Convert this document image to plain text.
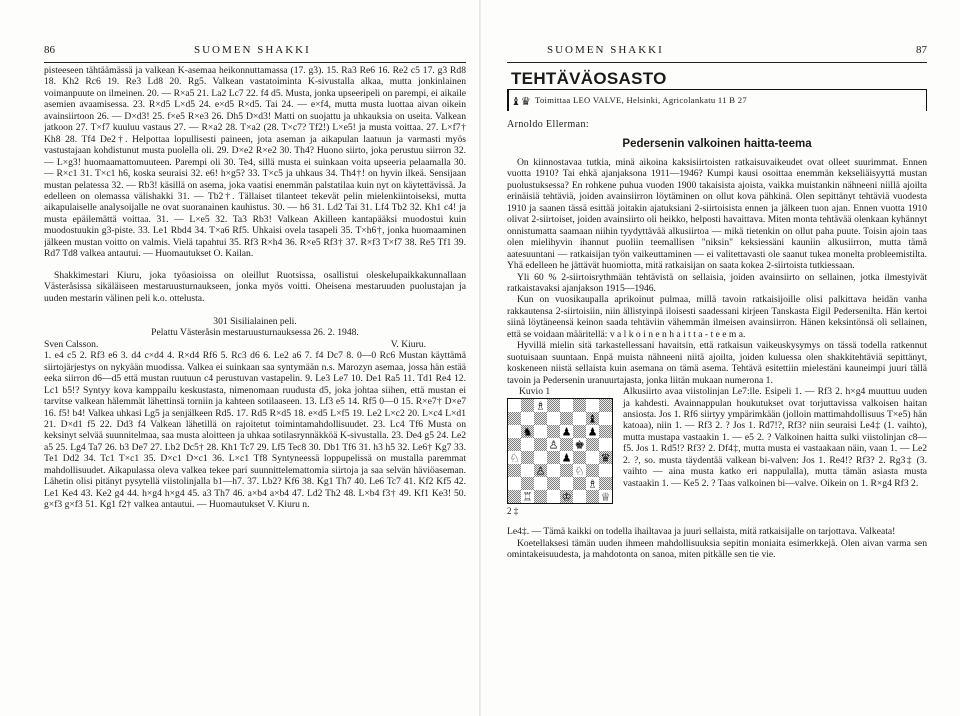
86	SUOMEN SHAKKI

pisteeseen tähtäämässä ja valkean K-asemaa heikonnuttamassa (17. g3). 15. Ra3 Re6 16. Re2 c5 17. g3 Rd8 18. Kh2 Rc6 19. Re3 Ld8 20. Rg5. Valkean vastatoiminta K-sivustalla alkaa, mutta jonkinlainen voimanpuute on ilmeinen. 20. — R×a5 21. La2 Lc7 22. f4 d5. Musta, jonka upseeripeli on parempi, ei aikaile asemien avaamisessa. 23. R×d5 L×d5 24. e×d5 R×d5. Tai 24. — e×f4, mutta musta luottaa aivan oikein avainsiirtoon 26. — D×d3! 25. f×e5 R×e3 26. Dh5 D×d3! Matti on suojattu ja uhkauksia on useita. Valkean jatkoon 27. T×f7 kuuluu vastaus 27. — R×a2 28. T×a2 (28. T×c7? Tf2!) L×e5! ja musta voittaa. 27. L×f7† Kh8 28. Tf4 De2†. Helpottaa lopullisesti paineen, jota aseman ja aikapulan laatuun ja varmasti myös vastustajaan kohdistunut musta puolella oli. 29. D×e2 R×e2 30. Th4? Huono siirto, joka perustuu siirron 32. — L×g3! huomaamattomuuteen. Parempi oli 30. Te4, sillä musta ei suinkaan voita upseeria pelaamalla 30. — R×c1 31. T×c1 h6, koska seuraisi 32. e6! h×g5? 33. T×c5 ja uhkaus 34. Th4†! on hyvin ilkeä. Sensijaan mustan pelatessa 32. — Rb3! käsillä on asema, joka vaatisi enemmän palstatilaa kuin nyt on käytettävissä. Ja edelleen on olemassa välishakki 31. — Tb2†. Tällaiset tilanteet tekevät pelin mielenkiintoiseksi, mutta aikapulaiselle analysoijalle ne ovat suoranainen kauhistus. 30. — h6 31. Ld2 Tai 31. Lf4 Tb2 32. Kh1 c4! ja musta epäilemättä voittaa. 31. — L×e5 32. Ta3 Rb3! Valkean Akilleen kantapääksi muodostui kuin muodostuukin g3-piste. 33. Le1 Rbd4 34. T×a6 Rf5. Uhkaisi ovela tasapeli 35. T×h6†, jonka huomaaminen jälkeen mustan voitto on valmis. Vielä tapahtui 35. Rf3 R×h4 36. R×e5 Rf3† 37. R×f3 T×f7 38. Re5 Tf1 39. Rd7 Td8 valkea antautui. — Huomautukset O. Kailan.

Shakkimestari Kiuru, joka työasioissa on oleillut Ruotsissa, osallistui oleskelupaikkakunnallaan Västeråsissa sikäläiseen mestaruusturnaukseen, jonka myös voitti. Oheisena mestaruuden puolustajan ja uuden mestarin välinen peli k.o. ottelusta.

301 Sisilialainen peli.
Pelattu Västeråsin mestaruusturnauksessa 26. 2. 1948.
Sven Calsson.	V. Kiuru.

1. e4 c5 2. Rf3 e6 3. d4 c×d4 4. R×d4 Rf6 5. Rc3 d6 6. Le2 a6 7. f4 Dc7 8. 0—0 Rc6 Mustan käyttämä siirtojärjestys on nykyään muodissa. Valkea ei suinkaan saa syntymään n.s. Marozyn asemaa, jossa hän estää eeka siirron d6—d5 että mustan ruutuun c4 perustuvan vastapelin. 9. Le3 Le7 10. De1 Ra5 11. Td1 Re4 12. Lc1 b5!? Syntyy kova kamppailu keskustasta, nimenomaan ruudusta d5, joka johtaa siihen, että mustan ei tarvitse valkean hälemmät lähettinsä torniin ja kahteen sotilaaseen. 13. Lf3 e5 14. Rf5 0—0 15. R×e7† D×e7 16. f5! b4! Valkea uhkasi Lg5 ja senjälkeen Rd5. 17. Rd5 R×d5 18. e×d5 L×f5 19. Le2 L×c2 20. L×c4 L×d1 21. D×d1 f5 22. Dd3 f4 Valkean lähetillä on rajoitetut toimintamahdollisuudet. 23. Lc4 Tf6 Musta on keksinyt selvää suunnitelmaa, saa musta aloitteen ja uhkaa sotilasrynnäkköä K-sivustalla. 23. De4 g5 24. Le2 a5 25. Lg4 Ta7 26. b3 De7 27. Lb2 Dc5† 28. Kh1 Tc7 29. Lf5 Tec8 30. Db1 Tf6 31. h3 h5 32. Le6† Kg7 33. Te1 Dd2 34. Tc1 T×c1 35. D×c1 D×c1 36. L×c1 Tf8 Syntyneessä loppupelissä on mustalla paremmat mahdollisuudet. Aikapulassa oleva valkea tekee pari suunnittelemattomia siirtoja ja saa selvän häviöaseman. Lähetin olisi pitänyt pysytellä viistolinjalla b1—h7. 37. Lb2? Kf6 38. Kg1 Th7 40. Le6 Tc7 41. Kf2 Kf5 42. Le1 Ke4 43. Ke2 g4 44. h×g4 h×g4 45. a3 Th7 46. a×b4 a×b4 47. Ld2 Th2 48. L×b4 f3† 49. Kf1 Ke3! 50. g×f3 g×f3 51. Kg1 f2† valkea antautui. — Huomautukset V. Kiuru n.

SUOMEN SHAKKI	87
TEHTÄVÄOSASTO
♝♛ Toimittaa LEO VALVE, Helsinki, Agricolankatu 11 B 27
Arnoldo Ellerman:
Pedersenin valkoinen haitta-teema

On kiinnostavaa tutkia, minä aikoina kaksisiirtoisten ratkaisuvaikeudet ovat olleet suurimmat. Ennen vuotta 1910? Tai ehkä ajanjaksona 1911—1946? Kumpi kausi osoittaa enemmän kekseliäisyyttä mustan puolustuksessa? En rohkene puhua vuoden 1900 takaisista ajoista, vaikka muistankin nähneeni niillä ajoilta erinäisiä tehtäviä, joiden avainsiirron löytäminen on ollut kova pähkinä. Olen sepittänyt tehtäviä vuodesta 1910 ja saanen tässä esittää joitakin ajatuksiani 2-siirtoisista ennen ja jälkeen tuon ajan. Ennen vuotta 1910 olivat 2-siirtoiset, joiden avainsiirto oli heikko, helposti havaittava. Miten monta tehtävää olenkaan kyhännyt onnistumatta saamaan niihin tyydyttävää alkusiirtoa — mikä tietenkin on ollut paha puute. Toisin ajoin taas olen mielihyvin ihannut puoliin teemallisen "niksin" keksiessäni kauniin alkusiirron, mutta tämä aatesuuntani — ratkaisijan työn vaikeuttaminen — ei valitettavasti ole saanut tukea monelta probleemistilta. Yhä edelleen he jättävät huomiotta, mitä ratkaisijan on saata kokea 2-siirtoista tutkiessaan.

Yli 60 % 2-siirtoisrythmään tehtävistä on sellaisia, joiden avainsiirto on sellainen, jotka ilmestyivät ratkaistavaksi ajanjakson 1915—1946.

Kun on vuosikaupalla aprikoinut pulmaa, millä tavoin ratkaisijoille olisi palkittava heidän vanha rakkautensa 2-siirtoisiin, niin ällistyinpä iloisesti saadessani kirjeen Tanskasta Eigil Pedersenilta. Hän kertoi siinä löytäneensä keinon saada tehtäviin vähemmän ilmeisen avainsiirron. Hänen keksintönsä oli sellainen, että se voidaan määritellä: v a l k o i n e n h a i t t a - t e e m a.

Hyvillä mielin sitä tarkastellessani havaitsin, että ratkaisun vaikeuskysymys on tässä todella ratkennut suotuisaan suuntaan. Enpä muista nähneeni niitä ajoilta, joiden kuluessa olen shakkitehtäviä sepittänyt, koskeneen niistä sellaista kuin asemana on tämä asema. Tehtävä esitettiin mielestäni kauneimpi juuri tällä tavoin ja Pedersenin uranuurtajasta, jonka liitän mukaan numerona 1.

Kuvio 1
♗
♝
♞	♟ ♟
♙ ♚
♘	♟	♛
♙	♘
♗
♖	♔	♕
2 ‡
Alkusiirto avaa viistolinjan Le7:lle. Esipeli 1. — Rf3 2. h×g4 muuttuu uuden ja kahdesti. Avainnappulan houkutukset ovat torjuttavissa valkoisen haitan ansiosta. Jos 1. Rf6 siirtyy ympärimkään (jolloin mattimahdollisuus T×e5) hän katoaa), niin 1. — Rf3 2. ? Jos 1. Rd7!?, Rf3? niin seuraisi Le4‡ (1. vaihto), mutta mustapa vastaakin 1. — e5 2. ? Valkoinen haitta sulki viistolinjan c8—f5. Jos 1. Rd5!? Rf3? 2. Df4‡, mutta musta ei vastaakaan näin, vaan 1. — Le2 2. ?, so. musta täydentää valkean bi-valven: Jos 1. Re4!? Rf3? 2. Rg3‡ (3. vaihto — aina musta katko eri nappulalla), mutta tämän asiasta musta vastaakin 1. — Ke5 2. ? Taas valkoinen bi—valve. Oikein on 1. R×g4 Rf3 2.

Le4‡. — Tämä kaikki on todella ihailtavaa ja juuri sellaista, mitä ratkaisijalle on tarjottava. Valkeata!

Koetellaksesi tämän uuden ihmeen mahdollisuuksia sepitin moniaita esimerkkejä. Olen aivan varma sen omintakeisuudesta, ja mahdotonta on sanoa, miten pitkälle sen tie vie.
